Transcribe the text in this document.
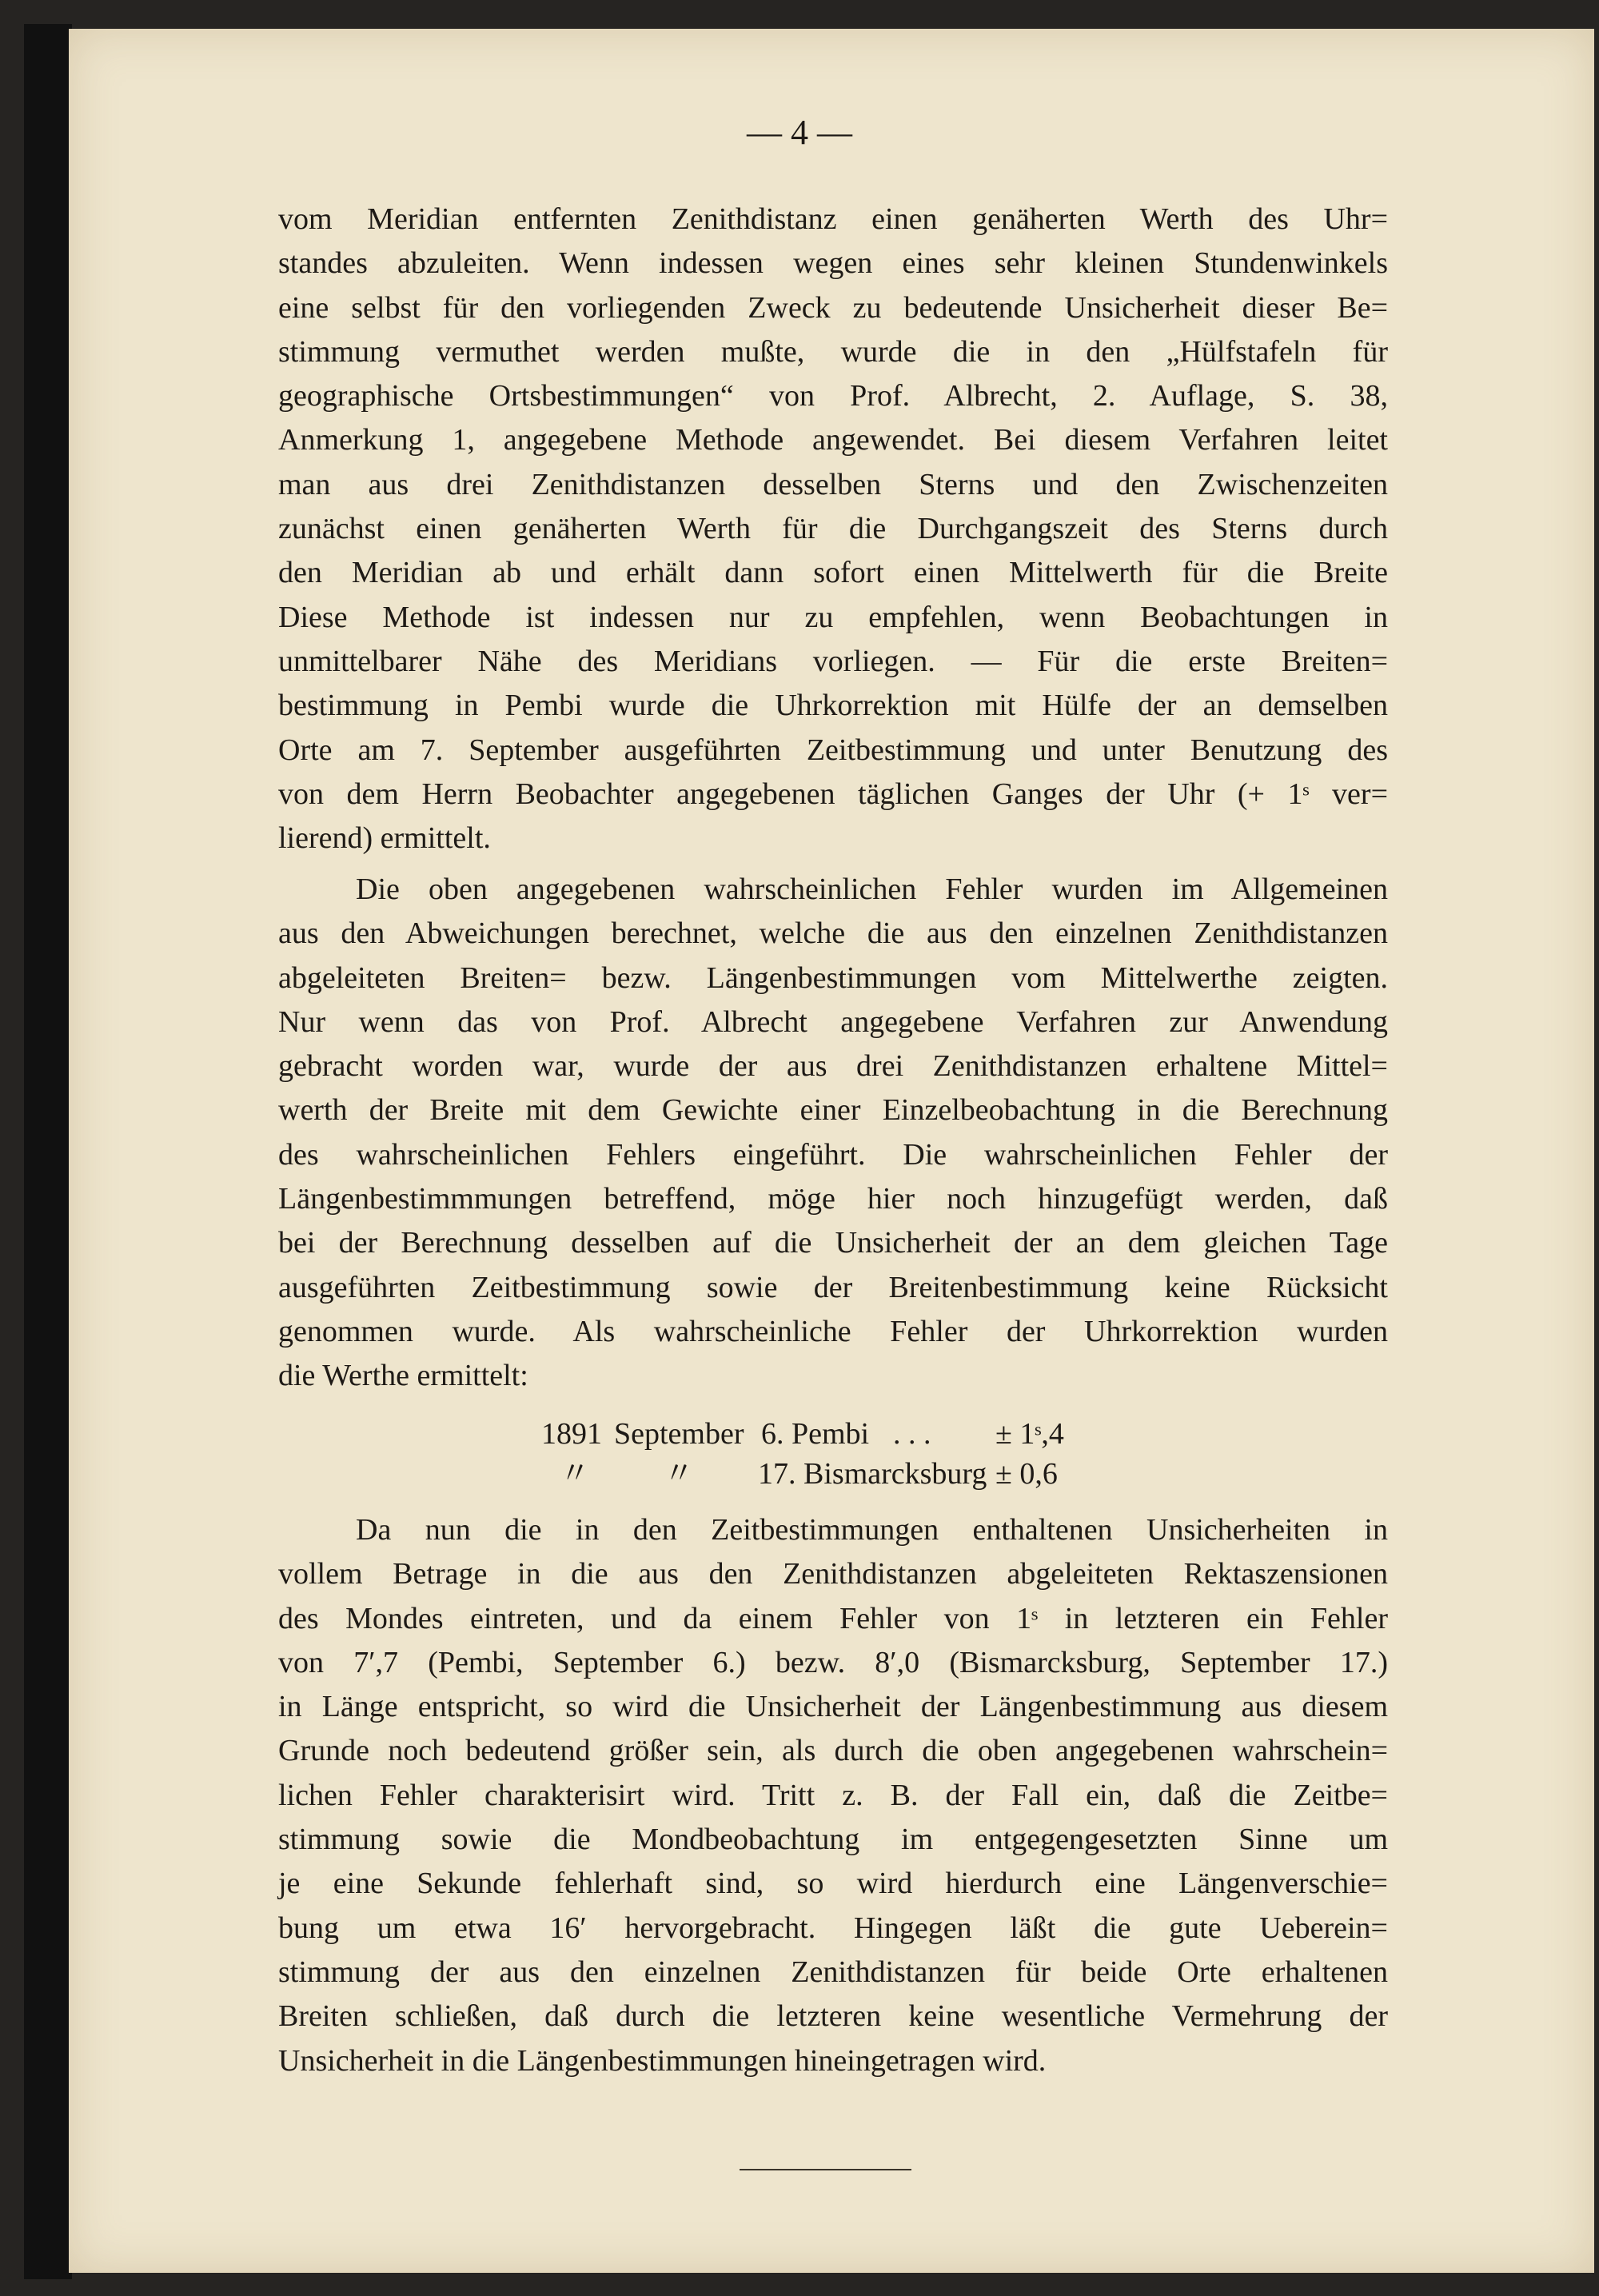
— 4 —
vom Meridian entfernten Zenithdistanz einen genäherten Werth des Uhr=
standes abzuleiten. Wenn indessen wegen eines sehr kleinen Stundenwinkels
eine selbst für den vorliegenden Zweck zu bedeutende Unsicherheit dieser Be=
stimmung vermuthet werden mußte, wurde die in den „Hülfstafeln für
geographische Ortsbestimmungen“ von Prof. Albrecht, 2. Auflage, S. 38,
Anmerkung 1, angegebene Methode angewendet. Bei diesem Verfahren leitet
man aus drei Zenithdistanzen desselben Sterns und den Zwischenzeiten
zunächst einen genäherten Werth für die Durchgangszeit des Sterns durch
den Meridian ab und erhält dann sofort einen Mittelwerth für die Breite
Diese Methode ist indessen nur zu empfehlen, wenn Beobachtungen in
unmittelbarer Nähe des Meridians vorliegen. — Für die erste Breiten=
bestimmung in Pembi wurde die Uhrkorrektion mit Hülfe der an demselben
Orte am 7. September ausgeführten Zeitbestimmung und unter Benutzung des
von dem Herrn Beobachter angegebenen täglichen Ganges der Uhr (+ 1ˢ ver=
lierend) ermittelt.
Die oben angegebenen wahrscheinlichen Fehler wurden im Allgemeinen
aus den Abweichungen berechnet, welche die aus den einzelnen Zenithdistanzen
abgeleiteten Breiten= bezw. Längenbestimmungen vom Mittelwerthe zeigten.
Nur wenn das von Prof. Albrecht angegebene Verfahren zur Anwendung
gebracht worden war, wurde der aus drei Zenithdistanzen erhaltene Mittel=
werth der Breite mit dem Gewichte einer Einzelbeobachtung in die Berechnung
des wahrscheinlichen Fehlers eingeführt. Die wahrscheinlichen Fehler der
Längenbestimmmungen betreffend, möge hier noch hinzugefügt werden, daß
bei der Berechnung desselben auf die Unsicherheit der an dem gleichen Tage
ausgeführten Zeitbestimmung sowie der Breitenbestimmung keine Rücksicht
genommen wurde. Als wahrscheinliche Fehler der Uhrkorrektion wurden
die Werthe ermittelt:
1891 September 6. Pembi . . . ± 1ˢ,4
〃 〃 17. Bismarcksburg ± 0,6
Da nun die in den Zeitbestimmungen enthaltenen Unsicherheiten in
vollem Betrage in die aus den Zenithdistanzen abgeleiteten Rektaszensionen
des Mondes eintreten, und da einem Fehler von 1ˢ in letzteren ein Fehler
von 7′,7 (Pembi, September 6.) bezw. 8′,0 (Bismarcksburg, September 17.)
in Länge entspricht, so wird die Unsicherheit der Längenbestimmung aus diesem
Grunde noch bedeutend größer sein, als durch die oben angegebenen wahrschein=
lichen Fehler charakterisirt wird. Tritt z. B. der Fall ein, daß die Zeitbe=
stimmung sowie die Mondbeobachtung im entgegengesetzten Sinne um
je eine Sekunde fehlerhaft sind, so wird hierdurch eine Längenverschie=
bung um etwa 16′ hervorgebracht. Hingegen läßt die gute Ueberein=
stimmung der aus den einzelnen Zenithdistanzen für beide Orte erhaltenen
Breiten schließen, daß durch die letzteren keine wesentliche Vermehrung der
Unsicherheit in die Längenbestimmungen hineingetragen wird.
